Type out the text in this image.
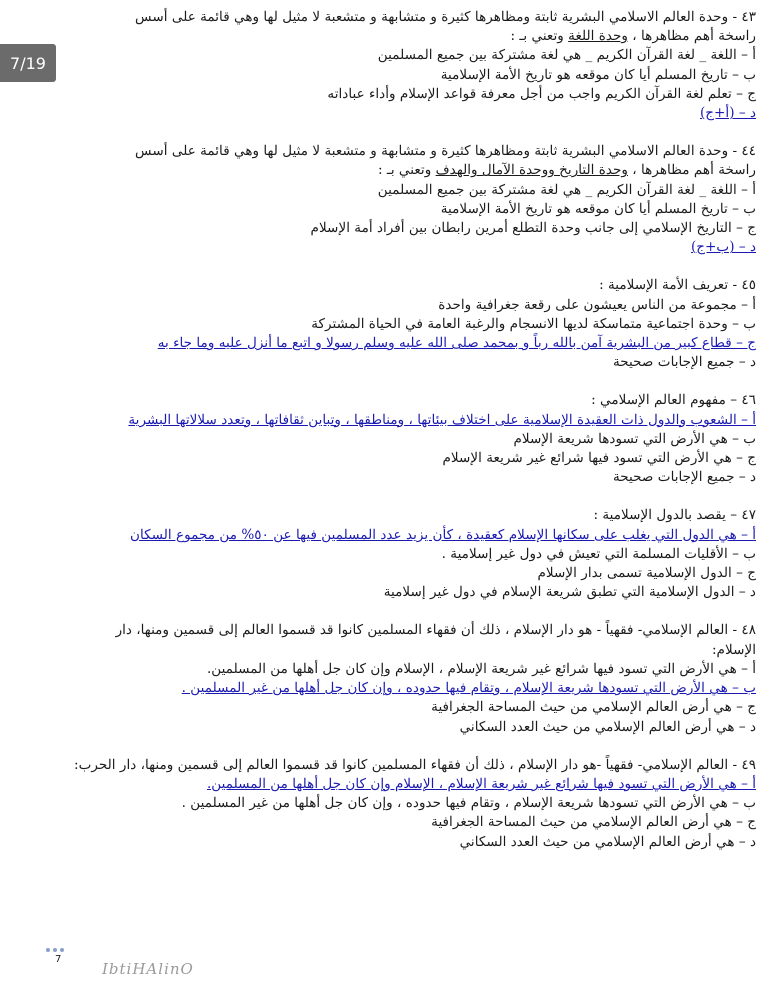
7/19
٤٣ - وحدة العالم الاسلامي البشرية ثابتة ومظاهرها كثيرة و متشابهة و متشعبة لا مثيل لها وهي قائمة على أسس
راسخة أهم مظاهرها ، وحدة اللغة وتعني بـ :
أ – اللغة _ لغة القرآن الكريم _ هي لغة مشتركة بين جميع المسلمين
ب – تاريخ المسلم أيا كان موقعه هو تاريخ الأمة الإسلامية
ج – تعلم لغة القرآن الكريم واجب من أجل معرفة قواعد الإسلام وأداء عباداته
د – (أ+ج)
٤٤ - وحدة العالم الاسلامي البشرية ثابتة ومظاهرها كثيرة و متشابهة و متشعبة لا مثيل لها وهي قائمة على أسس
راسخة أهم مظاهرها ، وحدة التاريخ ووحدة الآمال والهدف وتعني بـ :
أ – اللغة _ لغة القرآن الكريم _ هي لغة مشتركة بين جميع المسلمين
ب – تاريخ المسلم أيا كان موقعه هو تاريخ الأمة الإسلامية
ج – التاريخ الإسلامي إلى جانب وحدة التطلع أمرين رابطان بين أفراد أمة الإسلام
د – (ب+ج)
٤٥ - تعريف الأمة الإسلامية :
أ – مجموعة من الناس يعيشون على رقعة جغرافية واحدة
ب – وحدة اجتماعية متماسكة لديها الانسجام والرغبة العامة في الحياة المشتركة
ج – قطاع كبير من البشرية آمن بالله رباً و بمحمد صلى الله عليه وسلم رسولا و اتبع ما أنزل عليه وما جاء به
د – جميع الإجابات صحيحة
٤٦ – مفهوم العالم الإسلامي :
أ – الشعوب والدول ذات العقيدة الإسلامية على اختلاف بيئاتها ، ومناطقها ، وتباين ثقافاتها ، وتعدد سلالاتها البشرية
ب – هي الأرض التي تسودها شريعة الإسلام
ج – هي الأرض التي تسود فيها شرائع غير شريعة الإسلام
د – جميع الإجابات صحيحة
٤٧ – يقصد بالدول الإسلامية :
أ – هي الدول التي يغلب على سكانها الإسلام كعقيدة ، كأن يزيد عدد المسلمين فيها عن ٥٠% من مجموع السكان
ب – الأقليات المسلمة التي تعيش في دول غير إسلامية .
ج – الدول الإسلامية تسمى بدار الإسلام
د – الدول الإسلامية التي تطبق شريعة الإسلام في دول غير إسلامية
٤٨ - العالم الإسلامي- فقهياً - هو دار الإسلام ، ذلك أن فقهاء المسلمين كانوا قد قسموا العالم إلى قسمين ومنها، دار
الإسلام:
أ – هي الأرض التي تسود فيها شرائع غير شريعة الإسلام ، الإسلام وإن كان جل أهلها من المسلمين.
ب – هي الأرض التي تسودها شريعة الإسلام ، وتقام فيها حدوده ، وإن كان جل أهلها من غير المسلمين .
ج – هي أرض العالم الإسلامي من حيث المساحة الجغرافية
د – هي أرض العالم الإسلامي من حيث العدد السكاني
٤٩ - العالم الإسلامي- فقهياً -هو دار الإسلام ، ذلك أن فقهاء المسلمين كانوا قد قسموا العالم إلى قسمين ومنها، دار الحرب:
أ – هي الأرض التي تسود فيها شرائع غير شريعة الإسلام ، الإسلام وإن كان جل أهلها من المسلمين.
ب – هي الأرض التي تسودها شريعة الإسلام ، وتقام فيها حدوده ، وإن كان جل أهلها من غير المسلمين .
ج – هي أرض العالم الإسلامي من حيث المساحة الجغرافية
د – هي أرض العالم الإسلامي من حيث العدد السكاني
7
IbtiHAlinO
